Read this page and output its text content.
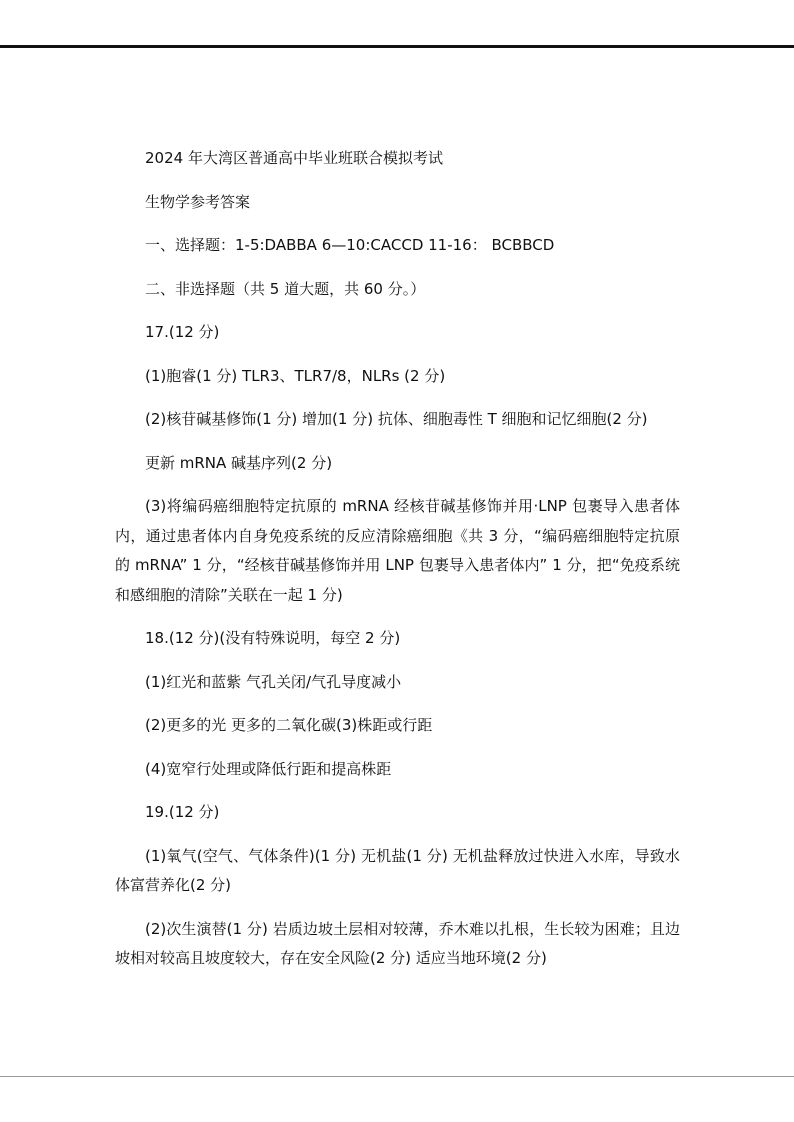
2024 年大湾区普通高中毕业班联合模拟考试

生物学参考答案

一、选择题：1-5:DABBA 6—10:CACCD 11-16： BCBBCD

二、非选择题（共 5 道大题，共 60 分。）

17.(12 分)

(1)胞睿(1 分) TLR3、TLR7/8，NLRs (2 分)

(2)核苷碱基修饰(1 分) 增加(1 分) 抗体、细胞毒性 T 细胞和记忆细胞(2 分)

更新 mRNA 碱基序列(2 分)

(3)将编码癌细胞特定抗原的 mRNA 经核苷碱基修饰并用·LNP 包裹导入患者体内，通过患者体内自身免疫系统的反应清除癌细胞《共 3 分，“编码癌细胞特定抗原的 mRNA” 1 分，“经核苷碱基修饰并用 LNP 包裹导入患者体内” 1 分，把“免疫系统和感细胞的清除”关联在一起 1 分)

18.(12 分)(没有特殊说明，每空 2 分)

(1)红光和蓝紫 气孔关闭/气孔导度减小

(2)更多的光 更多的二氧化碳(3)株距或行距

(4)宽窄行处理或降低行距和提高株距

19.(12 分)

(1)氧气(空气、气体条件)(1 分) 无机盐(1 分) 无机盐释放过快进入水库，导致水体富营养化(2 分)

(2)次生演替(1 分) 岩质边坡土层相对较薄，乔木难以扎根，生长较为困难；且边坡相对较高且坡度较大，存在安全风险(2 分) 适应当地环境(2 分)
